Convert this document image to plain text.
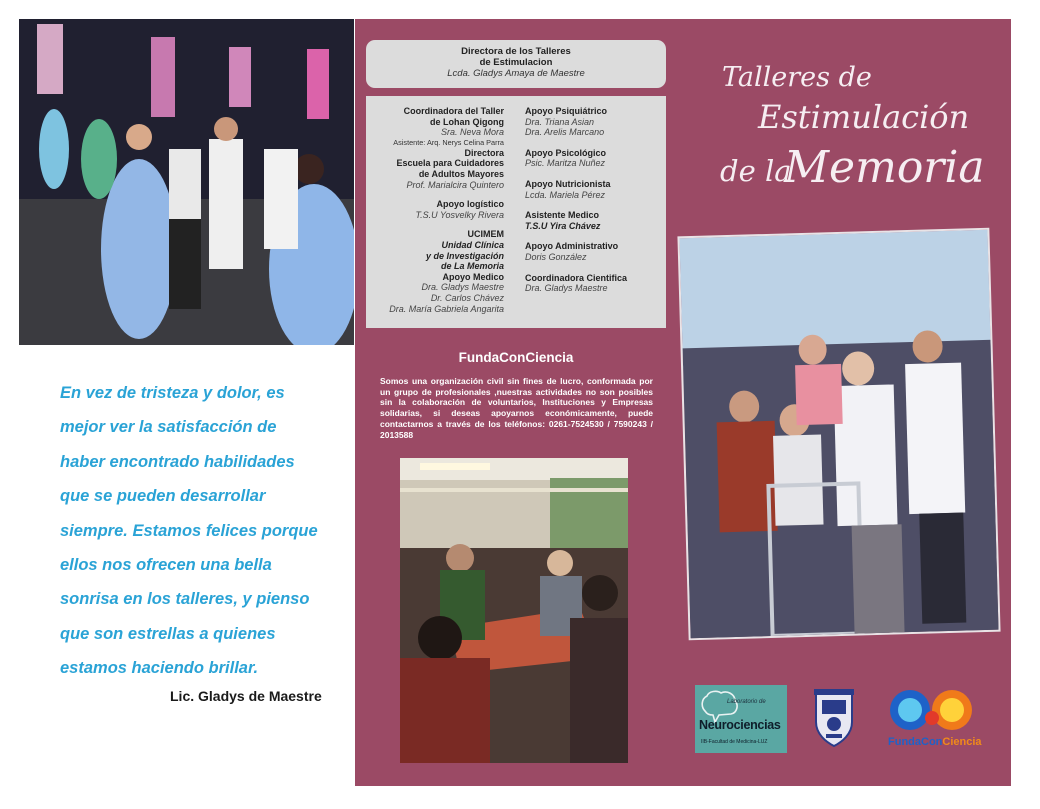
En vez de tristeza y dolor, es
mejor ver la satisfacción de
haber encontrado habilidades
que se pueden desarrollar
siempre. Estamos felices porque
ellos nos ofrecen una bella
sonrisa en los talleres, y pienso
que son estrellas a quienes
estamos haciendo brillar.
Lic. Gladys de Maestre
Directora de los Talleres
de Estimulacion
Lcda. Gladys Amaya de Maestre
Coordinadora del Taller
de Lohan Qigong
Sra. Neva Mora
Asistente: Arq. Nerys Celina Parra
Directora
Escuela para Cuidadores
de Adultos Mayores
Prof. Marialcira Quintero
Apoyo logístico
T.S.U Yosvelky Rivera
UCIMEM
Unidad Clínica
y de Investigación
de La Memoria
Apoyo Medico
Dra. Gladys Maestre
Dr. Carlos Chávez
Dra. María Gabriela Angarita
Apoyo Psiquiátrico
Dra. Triana Asian
Dra. Arelis Marcano
Apoyo Psicológico
Psic. Maritza Nuñez
Apoyo Nutricionista
Lcda. Mariela Pérez
Asistente Medico
T.S.U Yira Chávez
Apoyo Administrativo
Doris González
Coordinadora Cientifica
Dra. Gladys Maestre
FundaConCiencia
Somos una organización civil sin fines de lucro, conformada por un grupo de profesionales ,nuestras actividades no son posibles sin la colaboración de voluntarios, Instituciones y Empresas solidarias, si deseas apoyarnos económicamente, puede contactarnos a través de los teléfonos: 0261-7524530 / 7590243 / 2013588
Talleres de
Estimulación
de la
Memoria
Laboratorio de
Neurociencias
IIB-Facultad de Medicina-LUZ	FundaConCiencia
